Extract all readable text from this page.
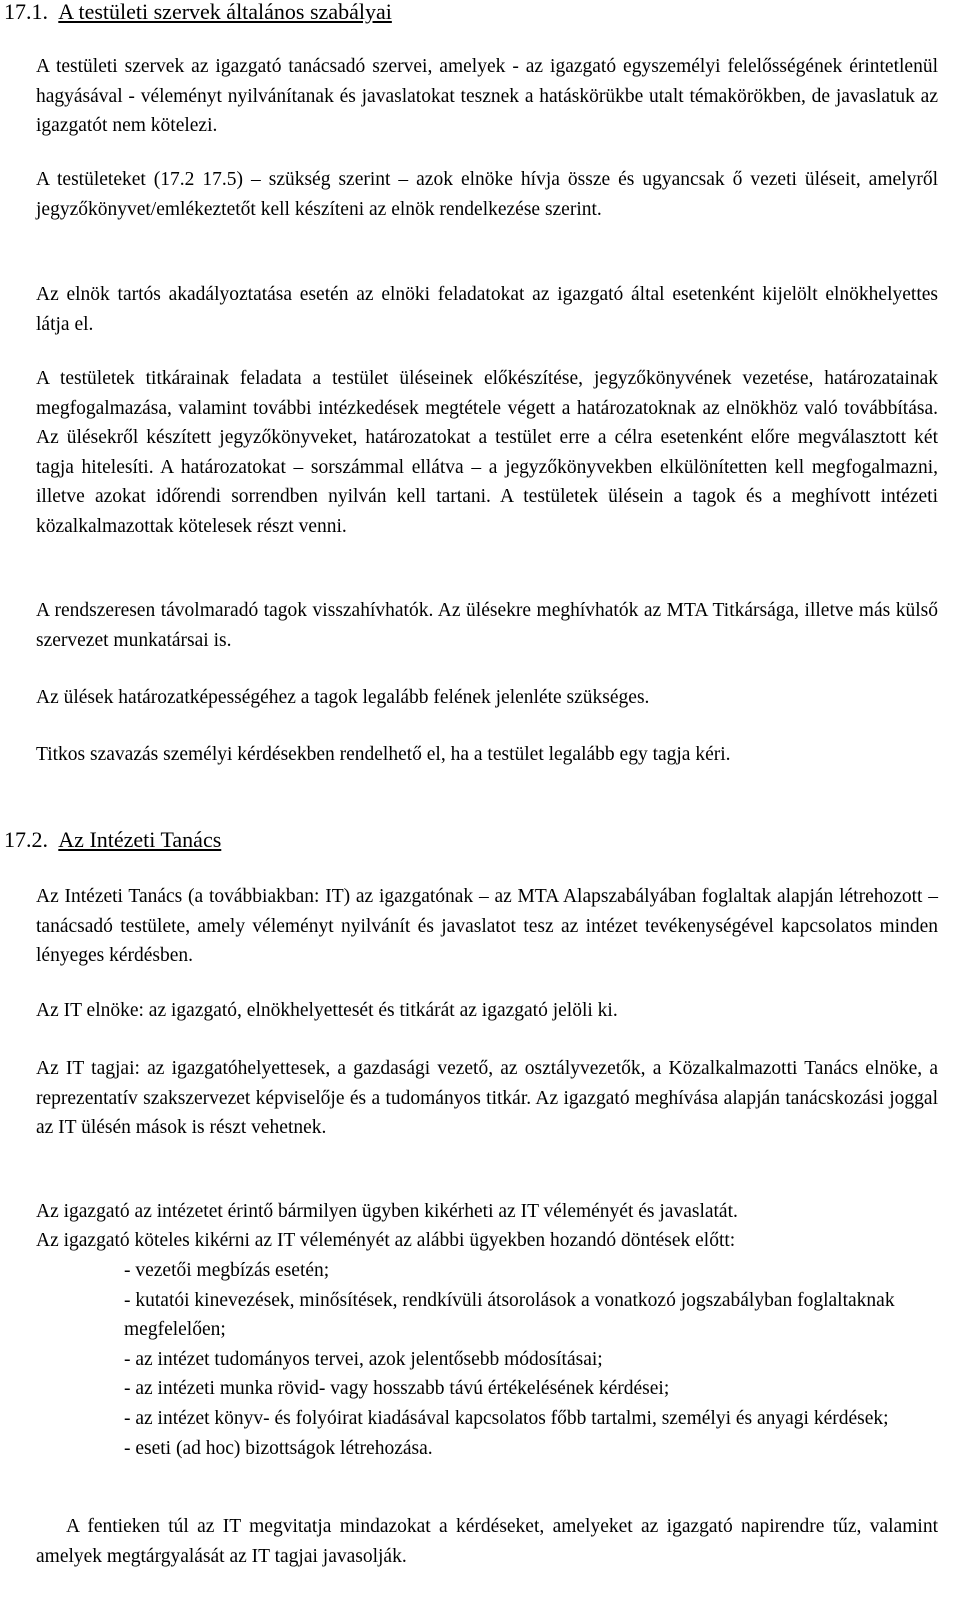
17.1. A testületi szervek általános szabályai

A testületi szervek az igazgató tanácsadó szervei, amelyek - az igazgató egyszemélyi felelősségének érintetlenül hagyásával - véleményt nyilvánítanak és javaslatokat tesznek a hatáskörükbe utalt témakörökben, de javaslatuk az igazgatót nem kötelezi.

A testületeket (17.2 17.5) – szükség szerint – azok elnöke hívja össze és ugyancsak ő vezeti üléseit, amelyről jegyzőkönyvet/emlékeztetőt kell készíteni az elnök rendelkezése szerint.

Az elnök tartós akadályoztatása esetén az elnöki feladatokat az igazgató által esetenként kijelölt elnökhelyettes látja el.

A testületek titkárainak feladata a testület üléseinek előkészítése, jegyzőkönyvének vezetése, határozatainak megfogalmazása, valamint további intézkedések megtétele végett a határozatoknak az elnökhöz való továbbítása. Az ülésekről készített jegyzőkönyveket, határozatokat a testület erre a célra esetenként előre megválasztott két tagja hitelesíti. A határozatokat – sorszámmal ellátva – a jegyzőkönyvekben elkülönítetten kell megfogalmazni, illetve azokat időrendi sorrendben nyilván kell tartani. A testületek ülésein a tagok és a meghívott intézeti közalkalmazottak kötelesek részt venni.

A rendszeresen távolmaradó tagok visszahívhatók. Az ülésekre meghívhatók az MTA Titkársága, illetve más külső szervezet munkatársai is.

Az ülések határozatképességéhez a tagok legalább felének jelenléte szükséges.

Titkos szavazás személyi kérdésekben rendelhető el, ha a testület legalább egy tagja kéri.

17.2. Az Intézeti Tanács

Az Intézeti Tanács (a továbbiakban: IT) az igazgatónak – az MTA Alapszabályában foglaltak alapján létrehozott – tanácsadó testülete, amely véleményt nyilvánít és javaslatot tesz az intézet tevékenységével kapcsolatos minden lényeges kérdésben.

Az IT elnöke: az igazgató, elnökhelyettesét és titkárát az igazgató jelöli ki.

Az IT tagjai: az igazgatóhelyettesek, a gazdasági vezető, az osztályvezetők, a Közalkalmazotti Tanács elnöke, a reprezentatív szakszervezet képviselője és a tudományos titkár. Az igazgató meghívása alapján tanácskozási joggal az IT ülésén mások is részt vehetnek.

Az igazgató az intézetet érintő bármilyen ügyben kikérheti az IT véleményét és javaslatát.

Az igazgató köteles kikérni az IT véleményét az alábbi ügyekben hozandó döntések előtt:

- vezetői megbízás esetén;
- kutatói kinevezések, minősítések, rendkívüli átsorolások a vonatkozó jogszabályban foglaltaknak megfelelően;
- az intézet tudományos tervei, azok jelentősebb módosításai;
- az intézeti munka rövid- vagy hosszabb távú értékelésének kérdései;
- az intézet könyv- és folyóirat kiadásával kapcsolatos főbb tartalmi, személyi és anyagi kérdések;
- eseti (ad hoc) bizottságok létrehozása.

A fentieken túl az IT megvitatja mindazokat a kérdéseket, amelyeket az igazgató napirendre tűz, valamint amelyek megtárgyalását az IT tagjai javasolják.
